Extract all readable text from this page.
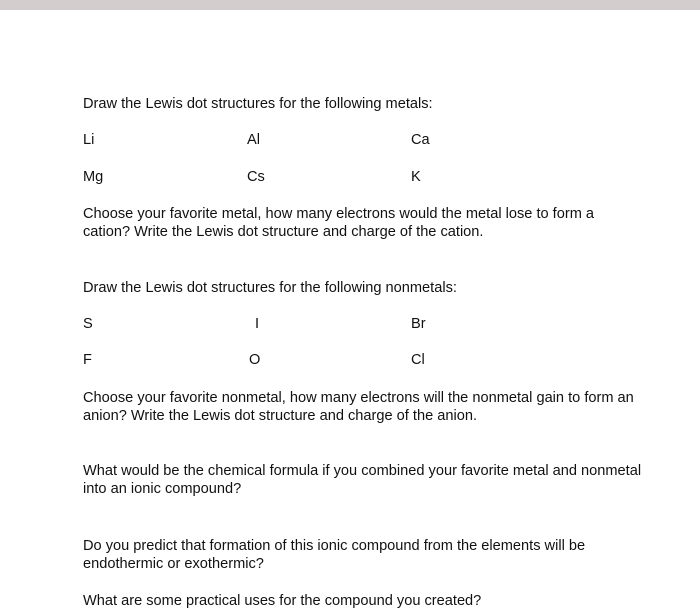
Draw the Lewis dot structures for the following metals:
Li	Al	Ca
Mg	Cs	K
Choose your favorite metal, how many electrons would the metal lose to form a cation? Write the Lewis dot structure and charge of the cation.
Draw the Lewis dot structures for the following nonmetals:
S	I	Br
F	O	Cl
Choose your favorite nonmetal, how many electrons will the nonmetal gain to form an anion? Write the Lewis dot structure and charge of the anion.
What would be the chemical formula if you combined your favorite metal and nonmetal into an ionic compound?
Do you predict that formation of this ionic compound from the elements will be endothermic or exothermic?
What are some practical uses for the compound you created?
